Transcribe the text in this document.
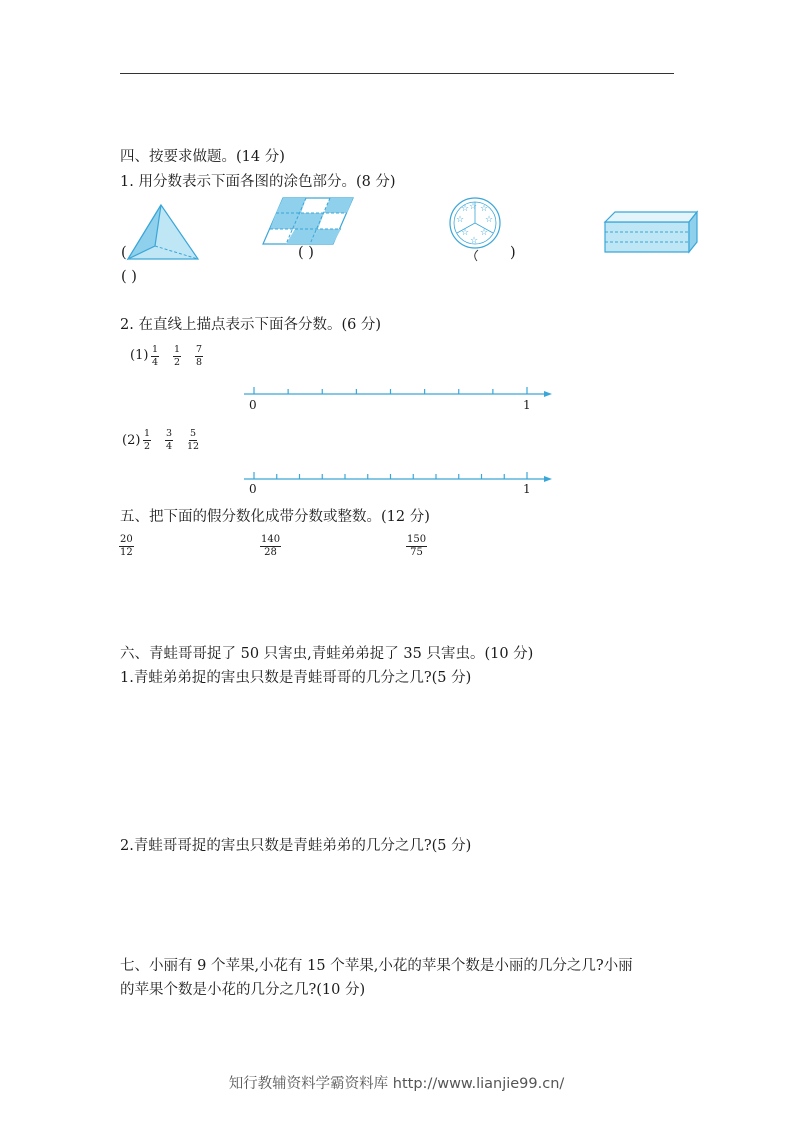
四、按要求做题。(14 分)
1. 用分数表示下面各图的涂色部分。(8 分)
☆ ☆ ☆
☆ ☆
☆ ☆
☆
(	( )
( )
)
2. 在直线上描点表示下面各分数。(6 分)
$(1) \frac{1}{4} \frac{1}{2} \frac{7}{8}$
0	1
$(2) \frac{1}{2} \frac{3}{4} \frac{5}{12}$
0	1
五、把下面的假分数化成带分数或整数。(12 分)
$\frac{20}{12}$	$\frac{140}{28}$	$\frac{150}{75}$
六、青蛙哥哥捉了 50 只害虫,青蛙弟弟捉了 35 只害虫。(10 分)
1.青蛙弟弟捉的害虫只数是青蛙哥哥的几分之几?(5 分)
2.青蛙哥哥捉的害虫只数是青蛙弟弟的几分之几?(5 分)
七、小丽有 9 个苹果,小花有 15 个苹果,小花的苹果个数是小丽的几分之几?小丽
的苹果个数是小花的几分之几?(10 分)
知行教辅资料学霸资料库 http://www.lianjie99.cn/
